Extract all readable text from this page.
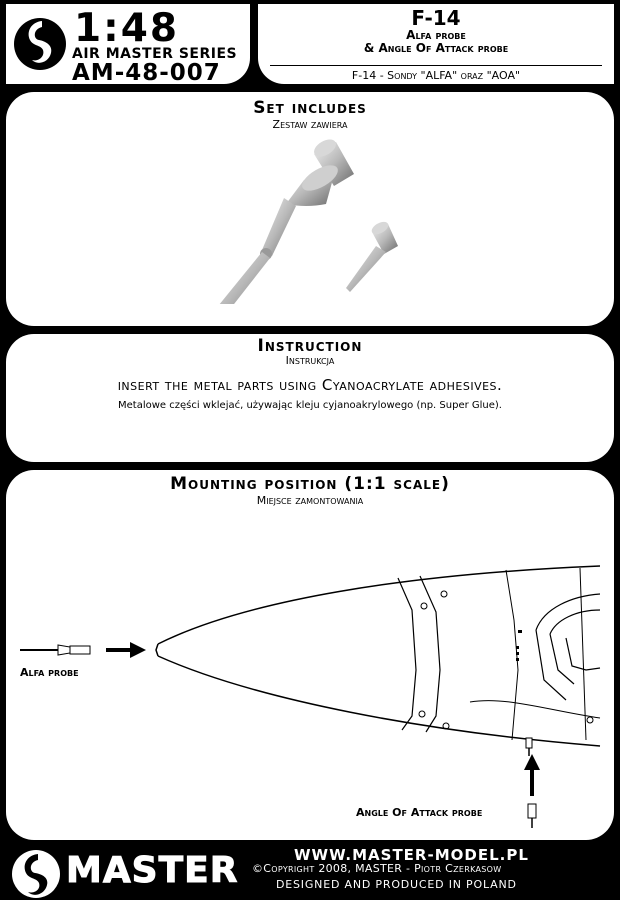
1:48
AIR MASTER SERIES
AM-48-007
F-14
Alfa probe
& Angle Of Attack probe
F-14 - Sondy "ALFA" oraz "AOA"
Set includes
Zestaw zawiera
Instruction
Instrukcja
insert the metal parts using Cyanoacrylate adhesives.
Metalowe części wklejać, używając kleju cyjanoakrylowego (np. Super Glue).
Mounting position (1:1 scale)
Miejsce zamontowania
Alfa probe
Angle Of Attack probe
MASTER	WWW.MASTER-MODEL.PL
©Copyright 2008, MASTER - Piotr Czerkasow
DESIGNED AND PRODUCED IN POLAND
